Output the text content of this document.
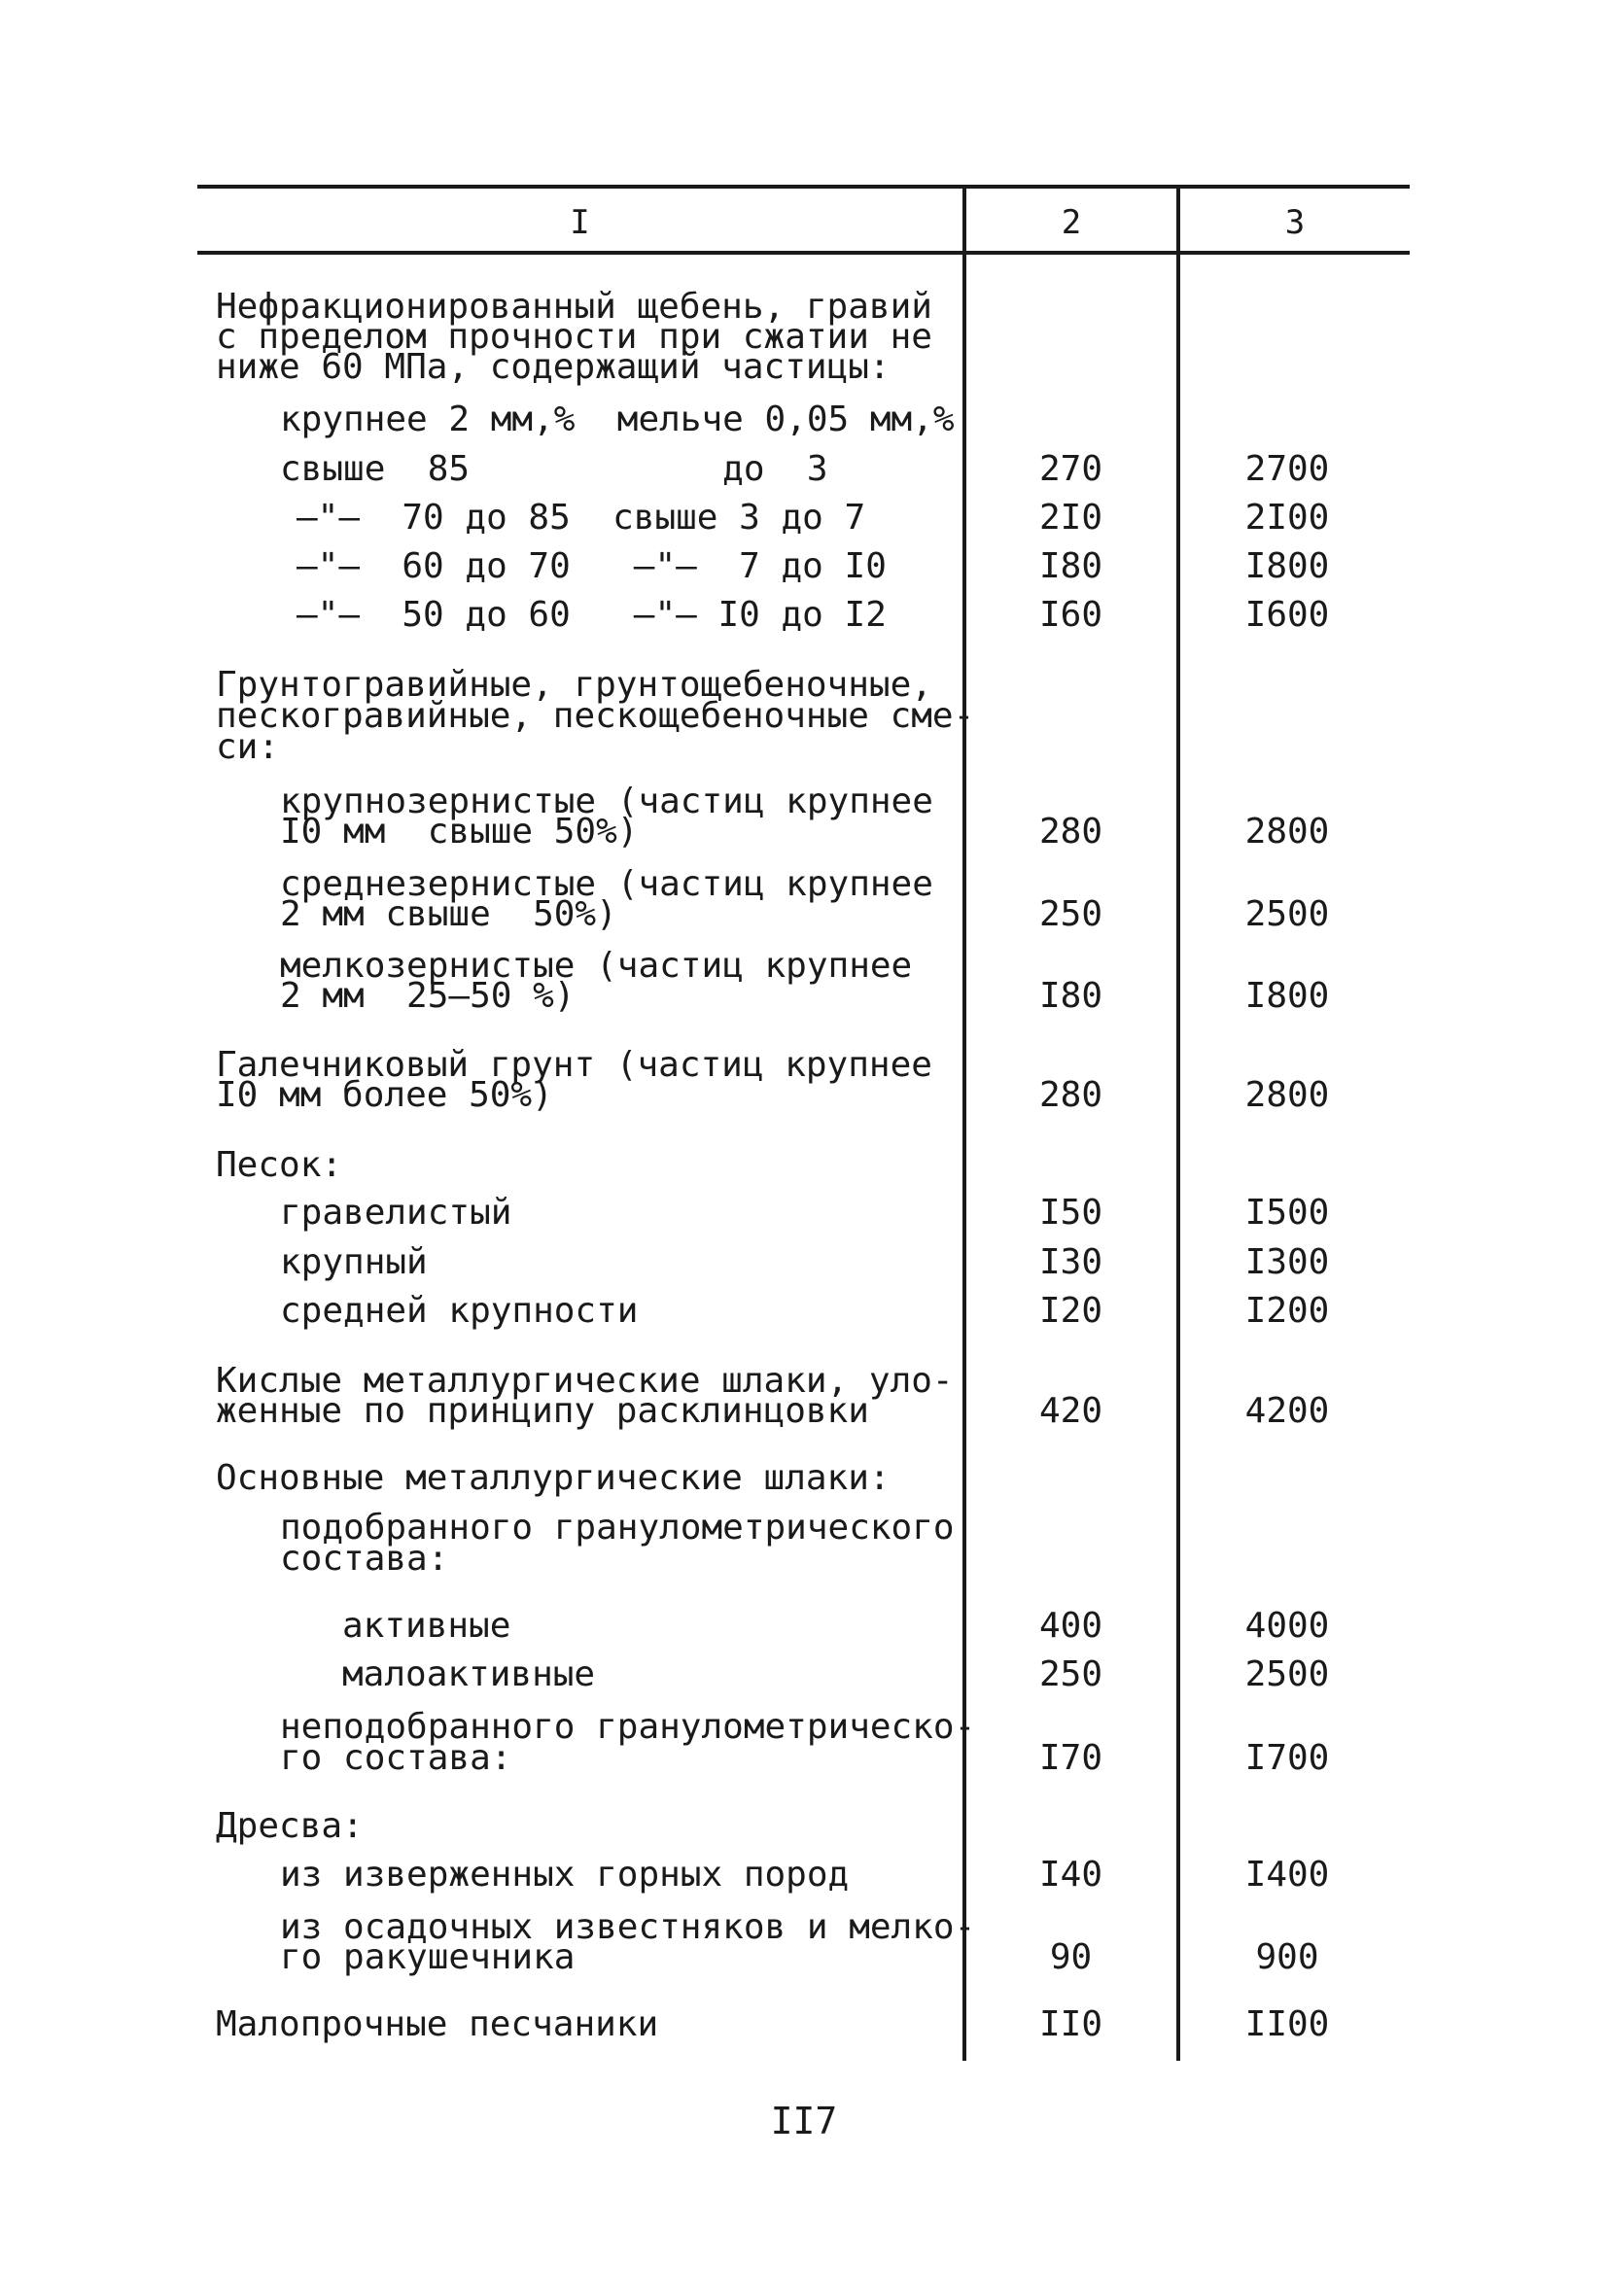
I	2	3
Нефракционированный щебень, гравий
с пределом прочности при сжатии не
ниже 60 МПа, содержащий частицы:
крупнее 2 мм,%  мельче 0,05 мм,%
свыше  85            до  3	270	2700
–"–  70 до 85  свыше 3 до 7	2I0	2I00
–"–  60 до 70   –"–  7 до I0	I80	I800
–"–  50 до 60   –"– I0 до I2	I60	I600
Грунтогравийные, грунтощебеночные,
пескогравийные, пескощебеночные сме-
си:
крупнозернистые (частиц крупнее
I0 мм  свыше 50%)	280	2800
среднезернистые (частиц крупнее
2 мм свыше  50%)	250	2500
мелкозернистые (частиц крупнее
2 мм  25–50 %)	I80	I800
Галечниковый грунт (частиц крупнее
I0 мм более 50%)	280	2800
Песок:
гравелистый	I50	I500
крупный	I30	I300
средней крупности	I20	I200
Кислые металлургические шлаки, уло-
женные по принципу расклинцовки	420	4200
Основные металлургические шлаки:
подобранного гранулометрического
состава:
активные	400	4000
малоактивные	250	2500
неподобранного гранулометрическо-
го состава:	I70	I700
Дресва:
из изверженных горных пород	I40	I400
из осадочных известняков и мелко-
го ракушечника	90	900
Малопрочные песчаники	II0	II00
II7
